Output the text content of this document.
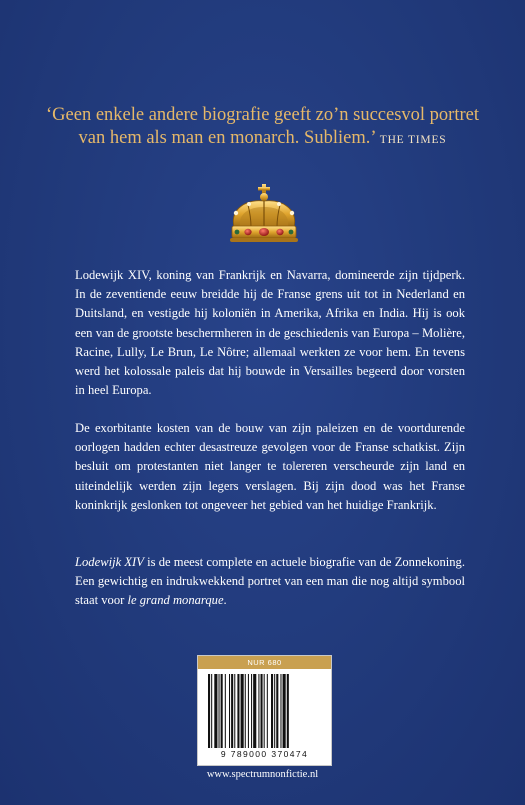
‘Geen enkele andere biografie geeft zo’n succesvol portret van hem als man en monarch. Subliem.’ THE TIMES

Lodewijk XIV, koning van Frankrijk en Navarra, domineerde zijn tijdperk. In de zeventiende eeuw breidde hij de Franse grens uit tot in Nederland en Duitsland, en vestigde hij koloniën in Amerika, Afrika en India. Hij is ook een van de grootste beschermheren in de geschiedenis van Europa – Molière, Racine, Lully, Le Brun, Le Nôtre; allemaal werkten ze voor hem. En tevens werd het kolossale paleis dat hij bouwde in Versailles begeerd door vorsten in heel Europa.

De exorbitante kosten van de bouw van zijn paleizen en de voortdurende oorlogen hadden echter desastreuze gevolgen voor de Franse schatkist. Zijn besluit om protestanten niet langer te tolereren verscheurde zijn land en uiteindelijk werden zijn legers verslagen. Bij zijn dood was het Franse koninkrijk geslonken tot ongeveer het gebied van het huidige Frankrijk.

Lodewijk XIV is de meest complete en actuele biografie van de Zonnekoning. Een gewichtig en indrukwekkend portret van een man die nog altijd symbool staat voor le grand monarque.

NUR 680
9 789000 370474

www.spectrumnonfictie.nl
